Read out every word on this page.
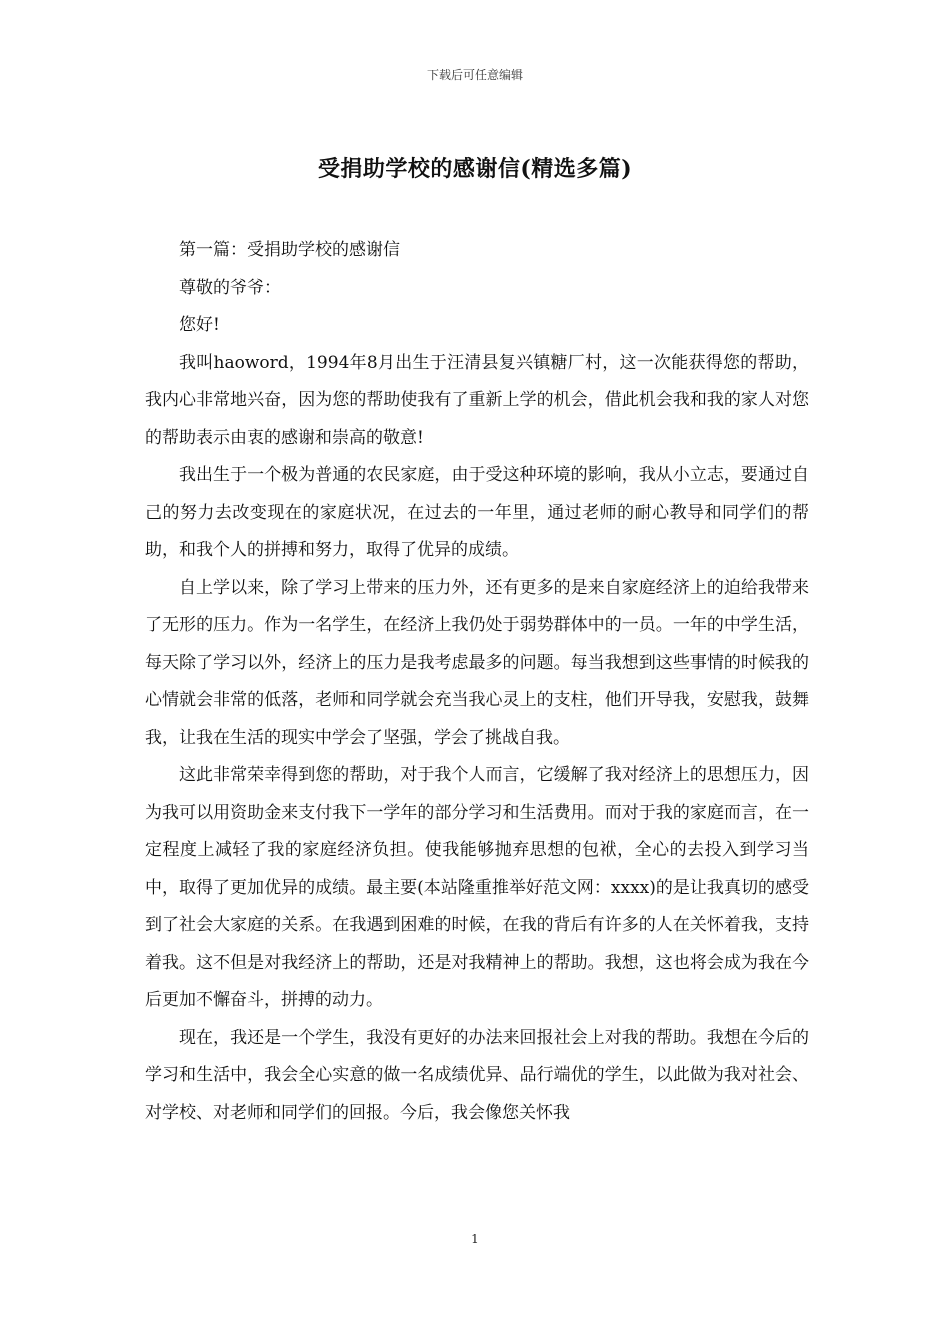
下载后可任意编辑
受捐助学校的感谢信(精选多篇)

第一篇：受捐助学校的感谢信

尊敬的爷爷：

您好!

我叫haoword，1994年8月出生于汪清县复兴镇糖厂村，这一次能获得您的帮助，我内心非常地兴奋，因为您的帮助使我有了重新上学的机会，借此机会我和我的家人对您的帮助表示由衷的感谢和崇高的敬意!

我出生于一个极为普通的农民家庭，由于受这种环境的影响，我从小立志，要通过自己的努力去改变现在的家庭状况，在过去的一年里，通过老师的耐心教导和同学们的帮助，和我个人的拼搏和努力，取得了优异的成绩。

自上学以来，除了学习上带来的压力外，还有更多的是来自家庭经济上的迫给我带来了无形的压力。作为一名学生，在经济上我仍处于弱势群体中的一员。一年的中学生活，每天除了学习以外，经济上的压力是我考虑最多的问题。每当我想到这些事情的时候我的心情就会非常的低落，老师和同学就会充当我心灵上的支柱，他们开导我，安慰我，鼓舞我，让我在生活的现实中学会了坚强，学会了挑战自我。

这此非常荣幸得到您的帮助，对于我个人而言，它缓解了我对经济上的思想压力，因为我可以用资助金来支付我下一学年的部分学习和生活费用。而对于我的家庭而言，在一定程度上减轻了我的家庭经济负担。使我能够抛弃思想的包袱，全心的去投入到学习当中，取得了更加优异的成绩。最主要(本站隆重推举好范文网：xxxx)的是让我真切的感受到了社会大家庭的关系。在我遇到困难的时候，在我的背后有许多的人在关怀着我，支持着我。这不但是对我经济上的帮助，还是对我精神上的帮助。我想，这也将会成为我在今后更加不懈奋斗，拼搏的动力。

现在，我还是一个学生，我没有更好的办法来回报社会上对我的帮助。我想在今后的学习和生活中，我会全心实意的做一名成绩优异、品行端优的学生，以此做为我对社会、对学校、对老师和同学们的回报。今后，我会像您关怀我

1
